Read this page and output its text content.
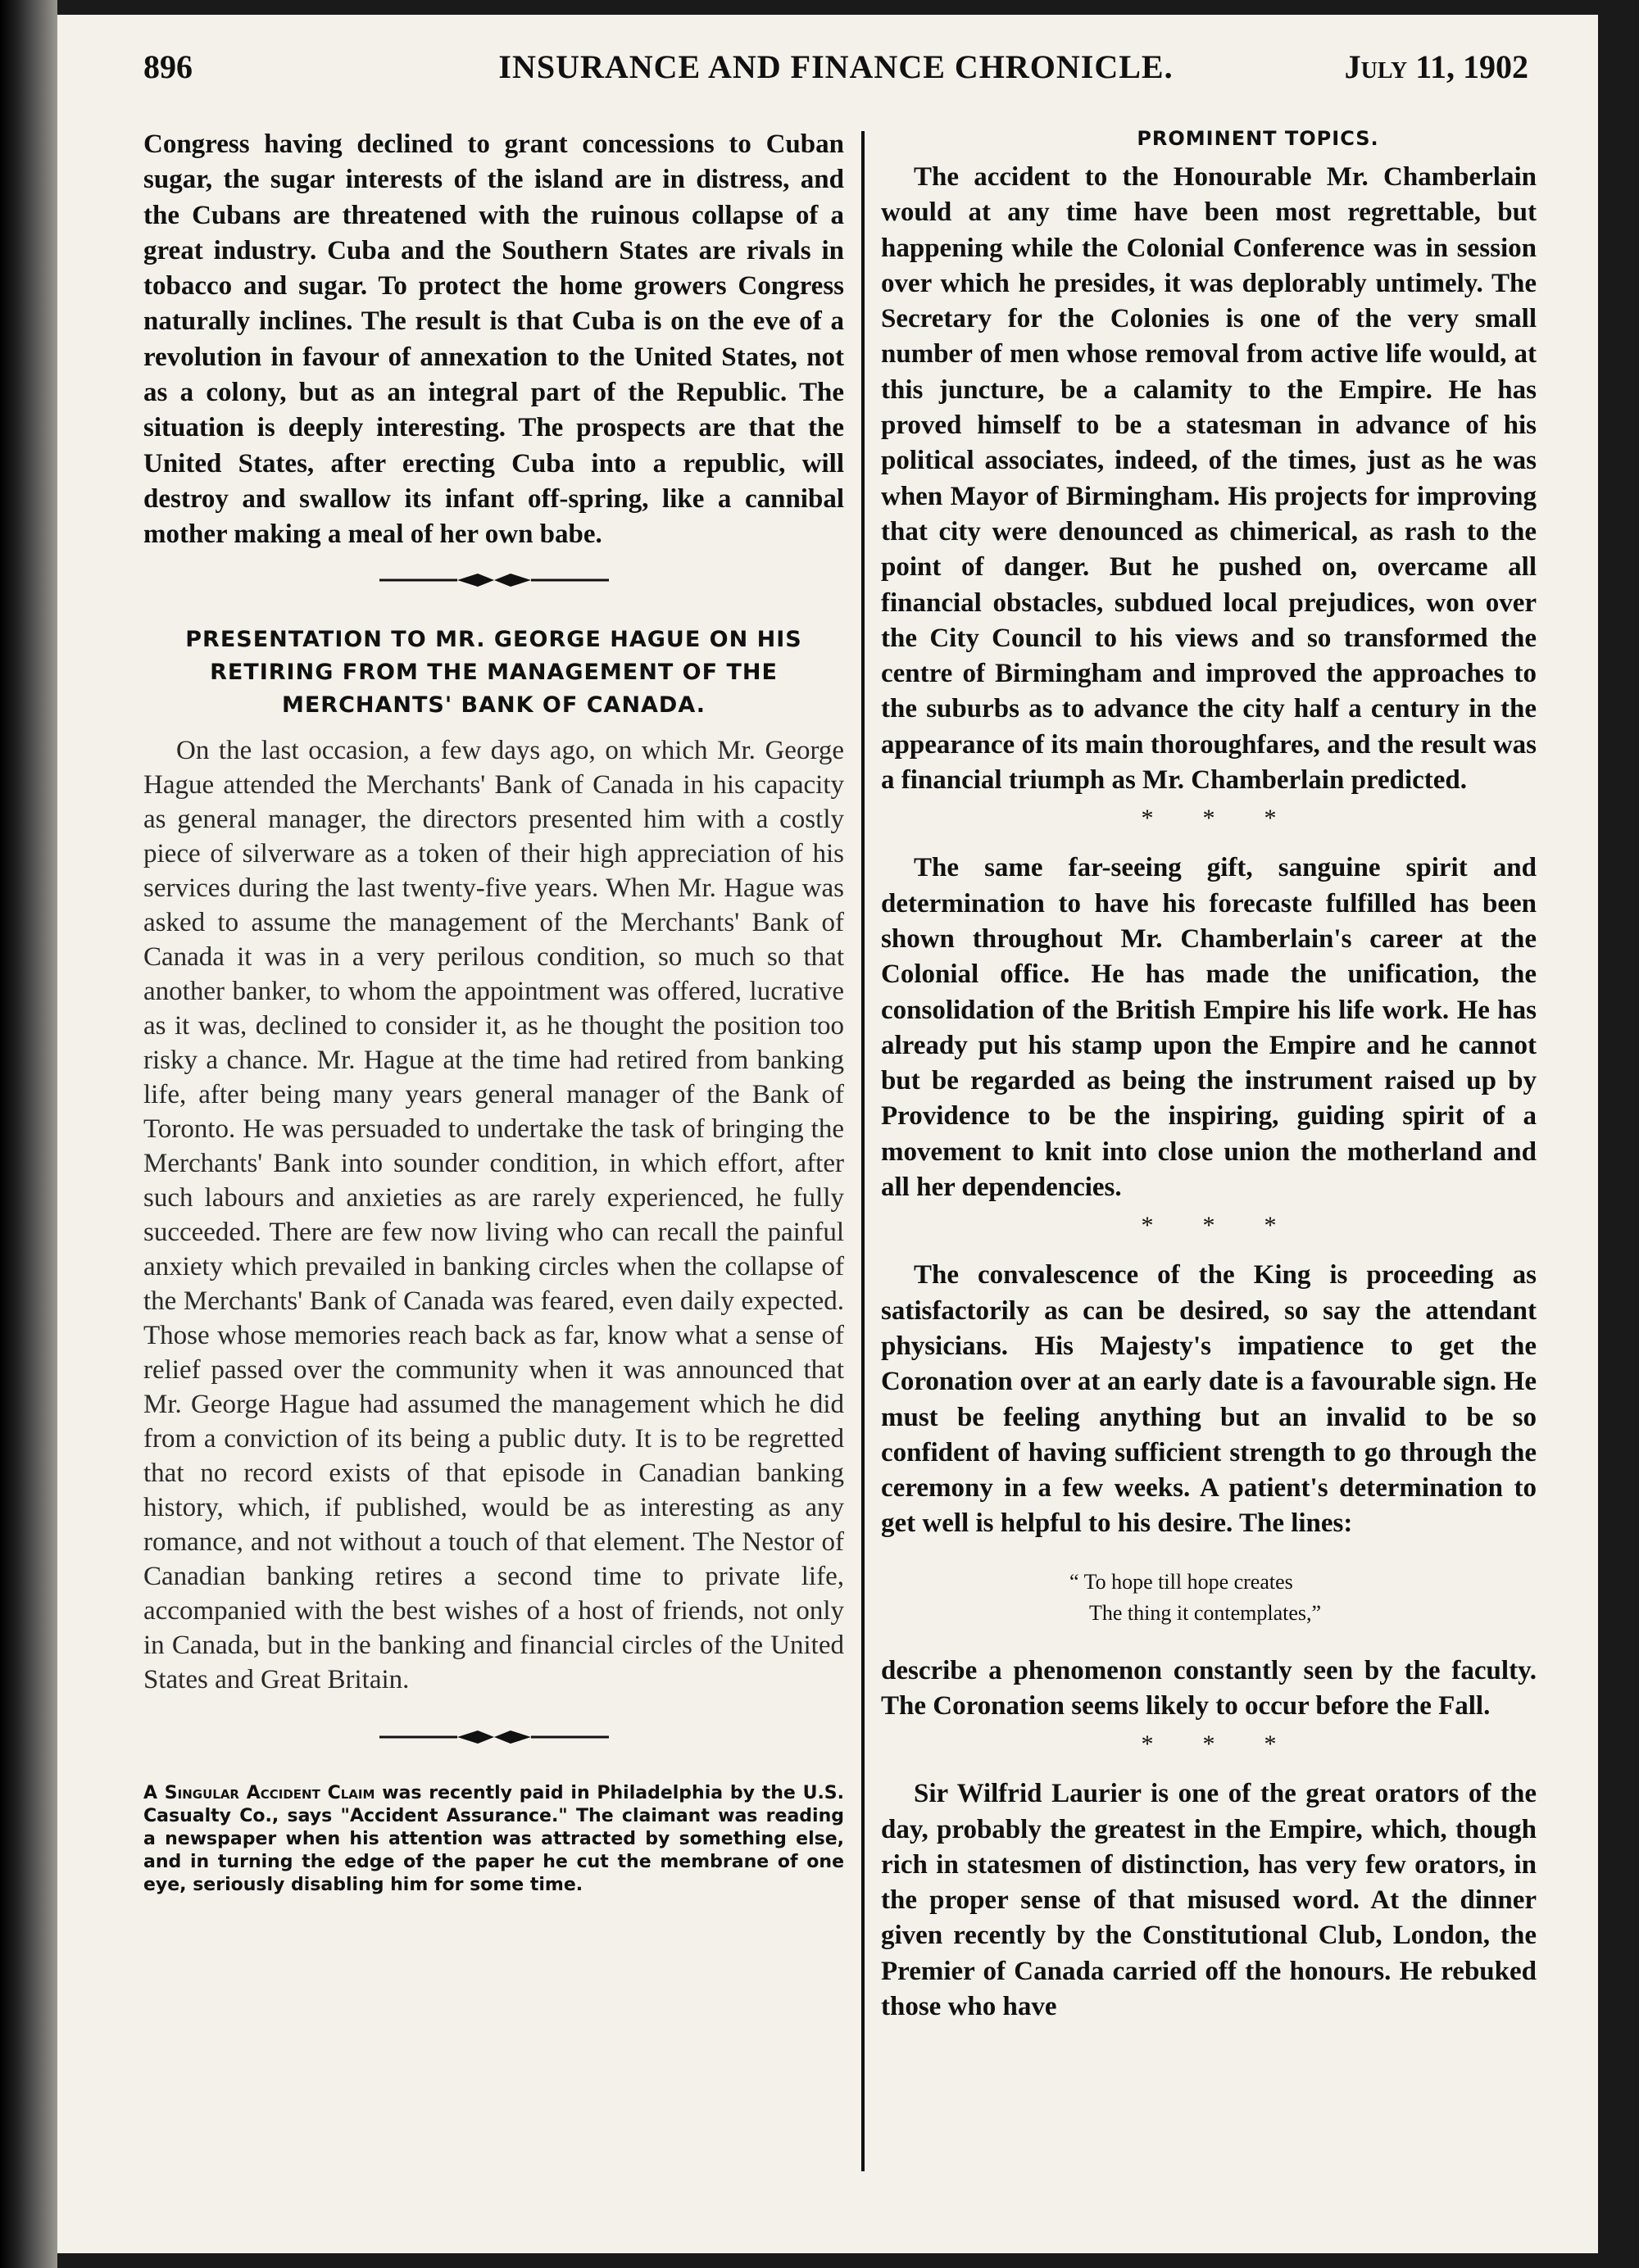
896	INSURANCE AND FINANCE CHRONICLE.	July 11, 1902

Congress having declined to grant concessions to Cuban sugar, the sugar interests of the island are in distress, and the Cubans are threatened with the ruinous collapse of a great industry. Cuba and the Southern States are rivals in tobacco and sugar. To protect the home growers Congress naturally inclines. The result is that Cuba is on the eve of a revolution in favour of annexation to the United States, not as a colony, but as an integral part of the Republic. The situation is deeply interesting. The prospects are that the United States, after erecting Cuba into a republic, will destroy and swallow its infant off-spring, like a cannibal mother making a meal of her own babe.

PRESENTATION TO MR. GEORGE HAGUE ON HIS RETIRING FROM THE MANAGEMENT OF THE MERCHANTS' BANK OF CANADA.

On the last occasion, a few days ago, on which Mr. George Hague attended the Merchants' Bank of Canada in his capacity as general manager, the directors presented him with a costly piece of silverware as a token of their high appreciation of his services during the last twenty-five years. When Mr. Hague was asked to assume the management of the Merchants' Bank of Canada it was in a very perilous condition, so much so that another banker, to whom the appointment was offered, lucrative as it was, declined to consider it, as he thought the position too risky a chance. Mr. Hague at the time had retired from banking life, after being many years general manager of the Bank of Toronto. He was persuaded to undertake the task of bringing the Merchants' Bank into sounder condition, in which effort, after such labours and anxieties as are rarely experienced, he fully succeeded. There are few now living who can recall the painful anxiety which prevailed in banking circles when the collapse of the Merchants' Bank of Canada was feared, even daily expected. Those whose memories reach back as far, know what a sense of relief passed over the community when it was announced that Mr. George Hague had assumed the management which he did from a conviction of its being a public duty. It is to be regretted that no record exists of that episode in Canadian banking history, which, if published, would be as interesting as any romance, and not without a touch of that element. The Nestor of Canadian banking retires a second time to private life, accompanied with the best wishes of a host of friends, not only in Canada, but in the banking and financial circles of the United States and Great Britain.

A Singular Accident Claim was recently paid in Philadelphia by the U.S. Casualty Co., says "Accident Assurance." The claimant was reading a newspaper when his attention was attracted by something else, and in turning the edge of the paper he cut the membrane of one eye, seriously disabling him for some time.

PROMINENT TOPICS.

The accident to the Honourable Mr. Chamberlain would at any time have been most regrettable, but happening while the Colonial Conference was in session over which he presides, it was deplorably untimely. The Secretary for the Colonies is one of the very small number of men whose removal from active life would, at this juncture, be a calamity to the Empire. He has proved himself to be a statesman in advance of his political associates, indeed, of the times, just as he was when Mayor of Birmingham. His projects for improving that city were denounced as chimerical, as rash to the point of danger. But he pushed on, overcame all financial obstacles, subdued local prejudices, won over the City Council to his views and so transformed the centre of Birmingham and improved the approaches to the suburbs as to advance the city half a century in the appearance of its main thoroughfares, and the result was a financial triumph as Mr. Chamberlain predicted.

* * *

The same far-seeing gift, sanguine spirit and determination to have his forecaste fulfilled has been shown throughout Mr. Chamberlain's career at the Colonial office. He has made the unification, the consolidation of the British Empire his life work. He has already put his stamp upon the Empire and he cannot but be regarded as being the instrument raised up by Providence to be the inspiring, guiding spirit of a movement to knit into close union the motherland and all her dependencies.

* * *

The convalescence of the King is proceeding as satisfactorily as can be desired, so say the attendant physicians. His Majesty's impatience to get the Coronation over at an early date is a favourable sign. He must be feeling anything but an invalid to be so confident of having sufficient strength to go through the ceremony in a few weeks. A patient's determination to get well is helpful to his desire. The lines:

“ To hope till hope creates
The thing it contemplates,”

describe a phenomenon constantly seen by the faculty. The Coronation seems likely to occur before the Fall.

* * *

Sir Wilfrid Laurier is one of the great orators of the day, probably the greatest in the Empire, which, though rich in statesmen of distinction, has very few orators, in the proper sense of that misused word. At the dinner given recently by the Constitutional Club, London, the Premier of Canada carried off the honours. He rebuked those who have
